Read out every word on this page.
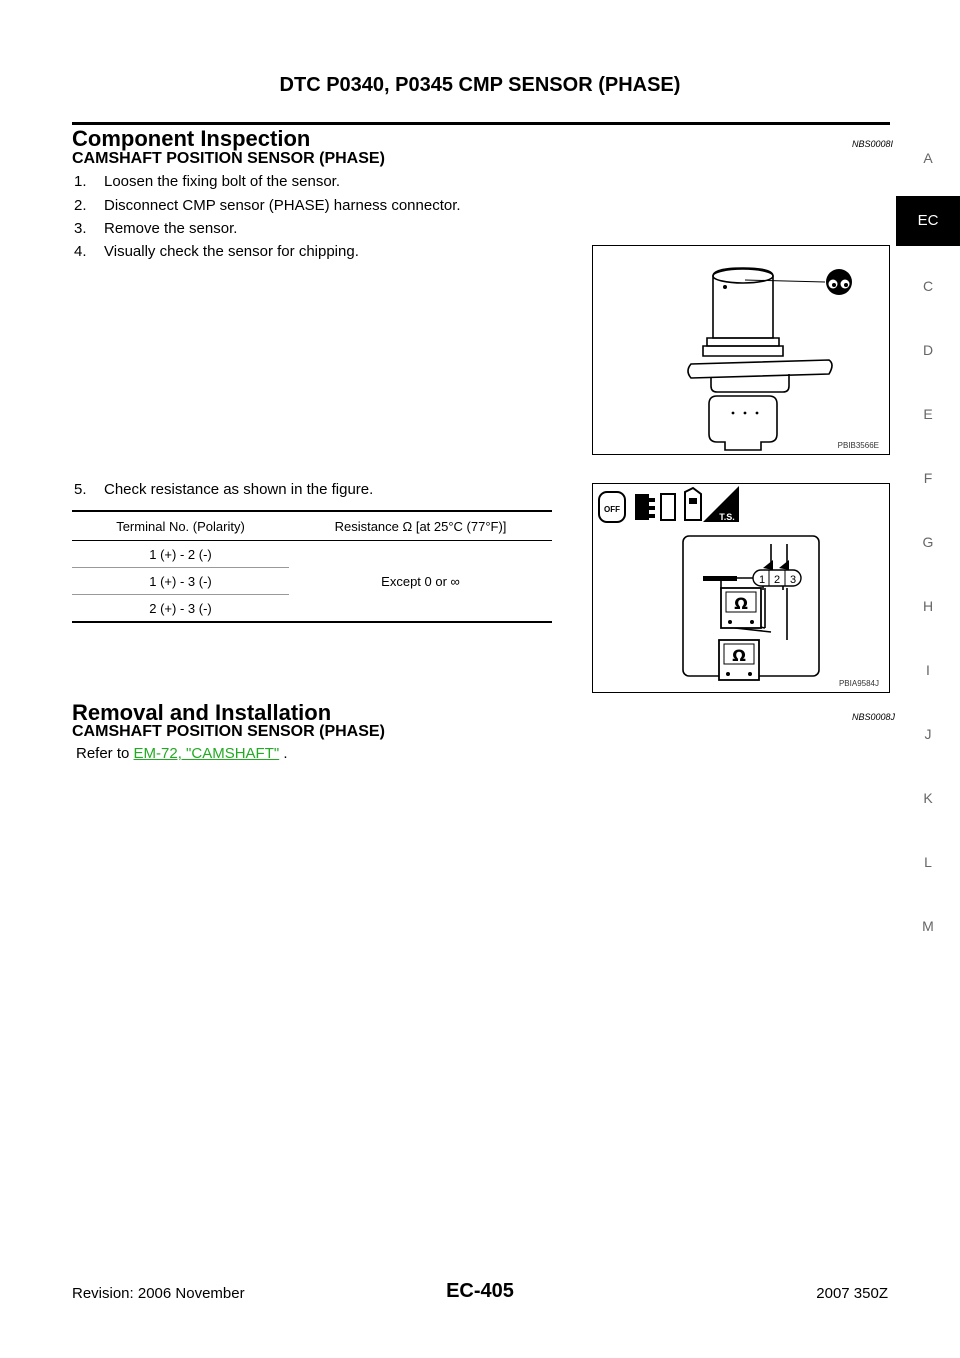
DTC P0340, P0345 CMP SENSOR (PHASE)
A
EC
C
D
E
F
G
H
I
J
K
L
M
Component Inspection	NBS0008I
CAMSHAFT POSITION SENSOR (PHASE)
1. Loosen the fixing bolt of the sensor.
2. Disconnect CMP sensor (PHASE) harness connector.
3. Remove the sensor.
4. Visually check the sensor for chipping.
PBIB3566E
5. Check resistance as shown in the figure.
Terminal No. (Polarity)	Resistance Ω [at 25°C (77°F)]
1 (+) - 2 (-)	Except 0 or ∞
1 (+) - 3 (-)	
2 (+) - 3 (-)	
OFF
T.S.
1 2 3
Ω
Ω
PBIA9584J
Removal and Installation	NBS0008J
CAMSHAFT POSITION SENSOR (PHASE)
Refer to EM-72, "CAMSHAFT" .
Revision: 2006 November	EC-405	2007 350Z
